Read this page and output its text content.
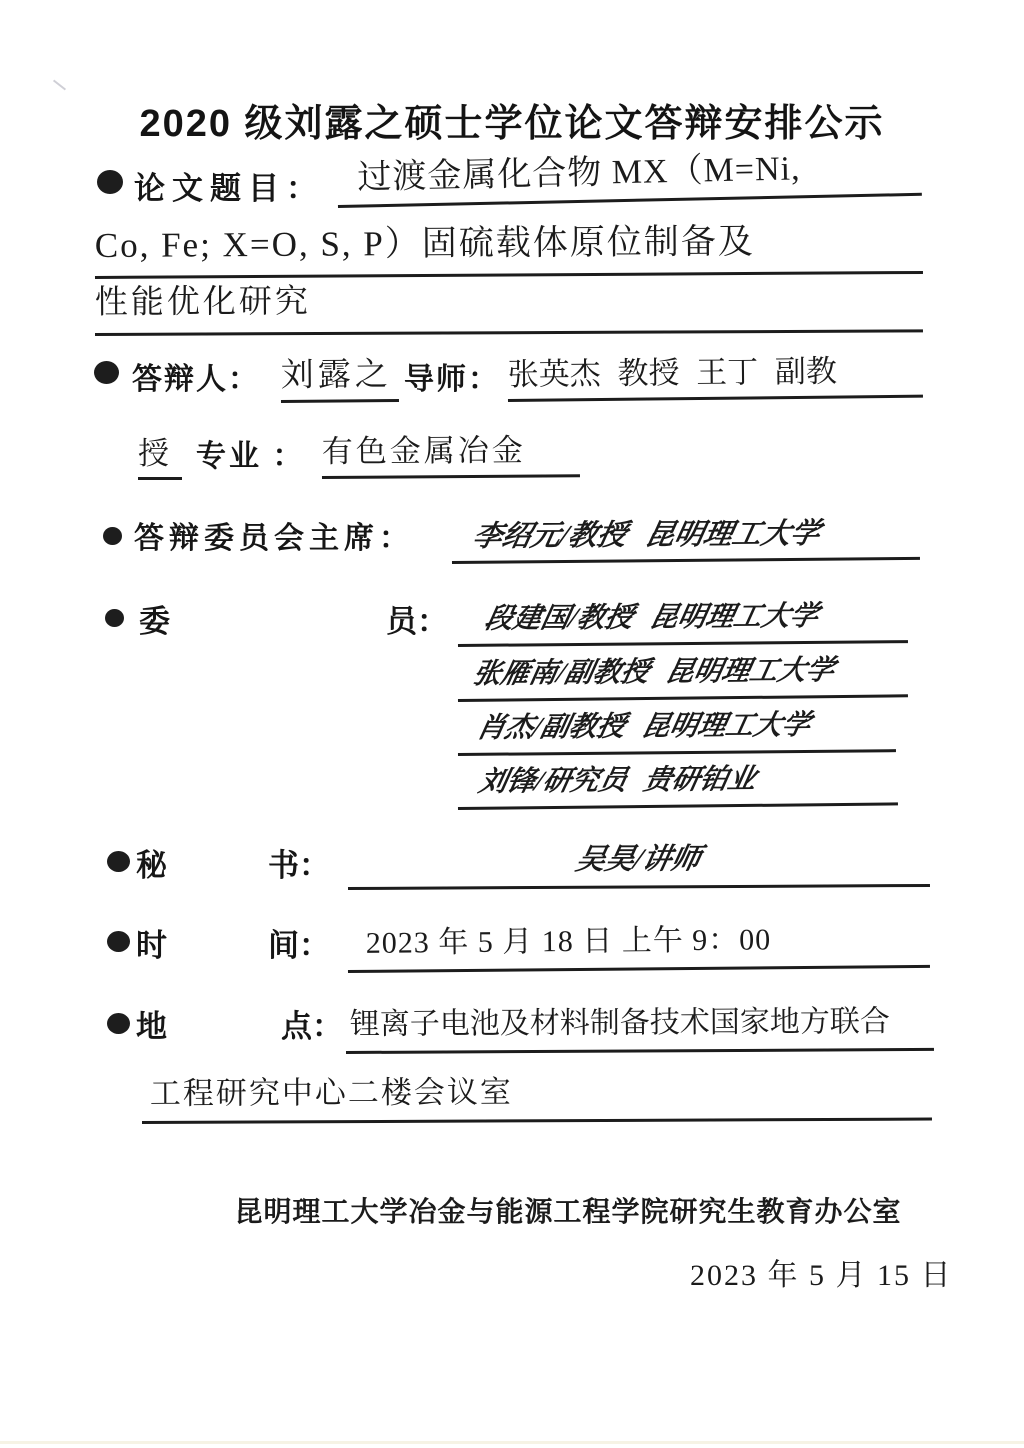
2020 级刘露之硕士学位论文答辩安排公示
论文题目： 过渡金属化合物 MX（M=Ni,
Co, Fe; X=O, S, P）固硫载体原位制备及
性能优化研究
答辩人： 刘露之 导师： 张英杰 教授 王丁 副教
授 专业 ： 有色金属冶金
答辩委员会主席：	李绍元/教授 昆明理工大学
委	员：	段建国/教授 昆明理工大学
张雁南/副教授 昆明理工大学
肖杰/副教授 昆明理工大学
刘锋/研究员 贵研铂业
秘	书：	吴昊/讲师
时	间：	2023 年 5 月 18 日 上午 9：00
地	点： 锂离子电池及材料制备技术国家地方联合
工程研究中心二楼会议室
昆明理工大学冶金与能源工程学院研究生教育办公室
2023 年 5 月 15 日
